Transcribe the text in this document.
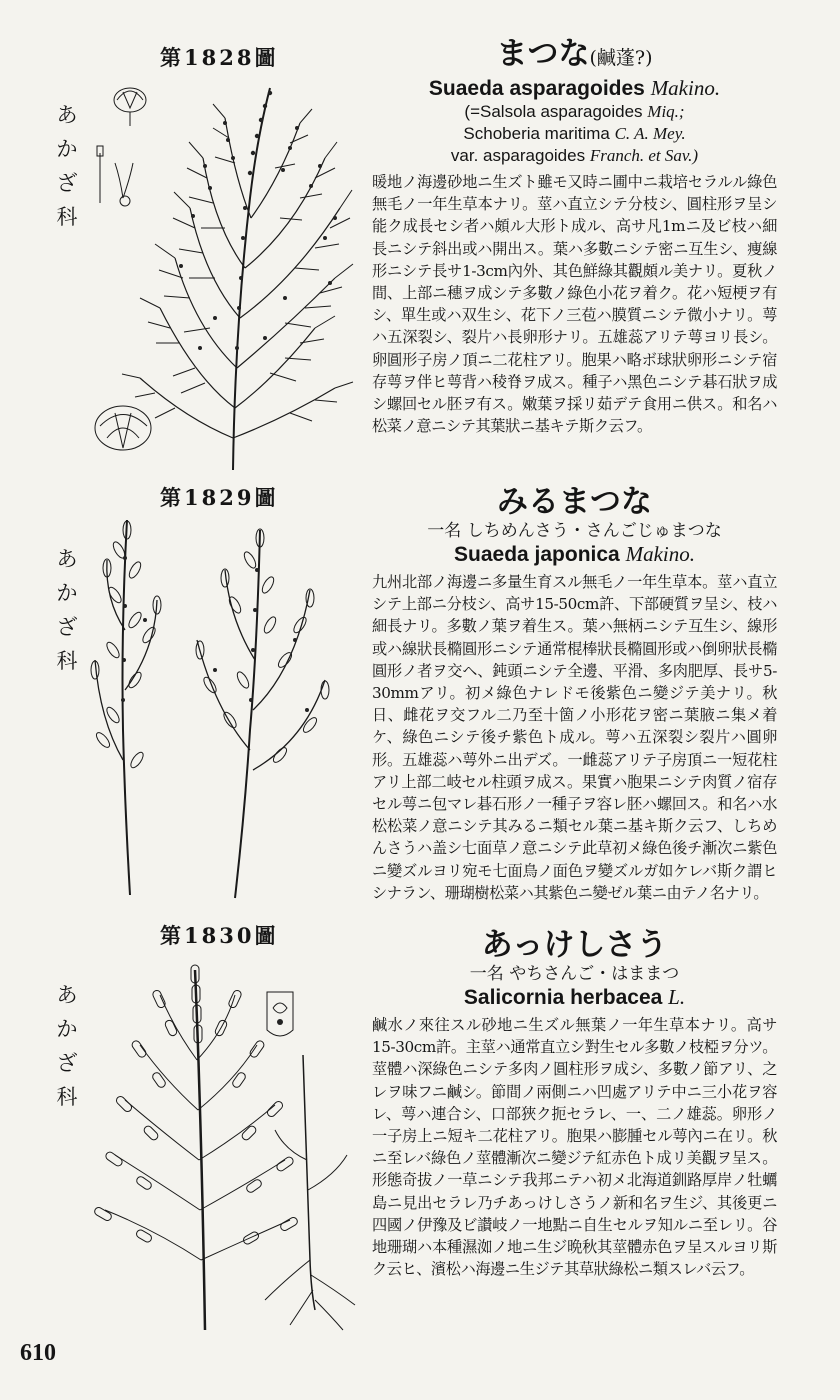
第1828圖
あ
か
ざ
科
まつな(鹹蓬?)
Suaeda asparagoides Makino.
(=Salsola asparagoides Miq.;
Schoberia maritima C. A. Mey.
var. asparagoides Franch. et Sav.)
暖地ノ海邊砂地ニ生ズト雖モ又時ニ圃中ニ栽培セラルル綠色無毛ノ一年生草本ナリ。莖ハ直立シテ分枝シ、圓柱形ヲ呈シ能ク成長セシ者ハ頗ル大形ト成ル、高サ凡1mニ及ビ枝ハ細長ニシテ斜出或ハ開出ス。葉ハ多數ニシテ密ニ互生シ、痩線形ニシテ長サ1-3cm內外、其色鮮綠其觀頗ル美ナリ。夏秋ノ間、上部ニ穗ヲ成シテ多數ノ綠色小花ヲ着ク。花ハ短梗ヲ有シ、單生或ハ双生シ、花下ノ三苞ハ膜質ニシテ微小ナリ。萼ハ五深裂シ、裂片ハ長卵形ナリ。五雄蕊アリテ萼ヨリ長シ。卵圓形子房ノ頂ニ二花柱アリ。胞果ハ略ボ球狀卵形ニシテ宿存萼ヲ伴ヒ萼背ハ稜脊ヲ成ス。種子ハ黑色ニシテ碁石狀ヲ成シ螺回セル胚ヲ有ス。嫩葉ヲ採リ茹デテ食用ニ供ス。和名ハ松菜ノ意ニシテ其葉狀ニ基キテ斯ク云フ。
第1829圖
あ
か
ざ
科
みるまつな
一名 しちめんさう・さんごじゅまつな
Suaeda japonica Makino.
九州北部ノ海邊ニ多量生育スル無毛ノ一年生草本。莖ハ直立シテ上部ニ分枝シ、高サ15-50cm許、下部硬質ヲ呈シ、枝ハ細長ナリ。多數ノ葉ヲ着生ス。葉ハ無柄ニシテ互生シ、線形或ハ線狀長橢圓形ニシテ通常棍棒狀長橢圓形或ハ倒卵狀長橢圓形ノ者ヲ交ヘ、鈍頭ニシテ全邊、平滑、多肉肥厚、長サ5-30mmアリ。初メ綠色ナレドモ後紫色ニ變ジテ美ナリ。秋日、雌花ヲ交フル二乃至十箇ノ小形花ヲ密ニ葉腋ニ集メ着ケ、綠色ニシテ後チ紫色ト成ル。萼ハ五深裂シ裂片ハ圓卵形。五雄蕊ハ萼外ニ出デズ。一雌蕊アリテ子房頂ニ一短花柱アリ上部二岐セル柱頭ヲ成ス。果實ハ胞果ニシテ肉質ノ宿存セル萼ニ包マレ碁石形ノ一種子ヲ容レ胚ハ螺回ス。和名ハ水松松菜ノ意ニシテ其みるニ類セル葉ニ基キ斯ク云フ、しちめんさうハ盖シ七面草ノ意ニシテ此草初メ綠色後チ漸次ニ紫色ニ變ズルヨリ宛モ七面鳥ノ面色ヲ變ズルガ如ケレバ斯ク謂ヒシナラン、珊瑚樹松菜ハ其紫色ニ變ゼル葉ニ由テノ名ナリ。
第1830圖
あ
か
ざ
科
あっけしさう
一名 やちさんご・はままつ
Salicornia herbacea L.
鹹水ノ來往スル砂地ニ生ズル無葉ノ一年生草本ナリ。高サ15-30cm許。主莖ハ通常直立シ對生セル多數ノ枝椏ヲ分ツ。莖體ハ深綠色ニシテ多肉ノ圓柱形ヲ成シ、多數ノ節アリ、之レヲ味フニ鹹シ。節間ノ兩側ニハ凹處アリテ中ニ三小花ヲ容レ、萼ハ連合シ、口部狹ク扼セラレ、一、二ノ雄蕊。卵形ノ一子房上ニ短キ二花柱アリ。胞果ハ膨腫セル萼內ニ在リ。秋ニ至レバ綠色ノ莖體漸次ニ變ジテ紅赤色ト成リ美觀ヲ呈ス。形態奇拔ノ一草ニシテ我邦ニテハ初メ北海道釧路厚岸ノ牡蠣島ニ見出セラレ乃チあっけしさうノ新和名ヲ生ジ、其後更ニ四國ノ伊豫及ビ讃岐ノ一地點ニ自生セルヲ知ルニ至レリ。谷地珊瑚ハ本種濕洳ノ地ニ生ジ晩秋其莖體赤色ヲ呈スルヨリ斯ク云ヒ、濱松ハ海邊ニ生ジテ其草狀綠松ニ類スレバ云フ。
610
